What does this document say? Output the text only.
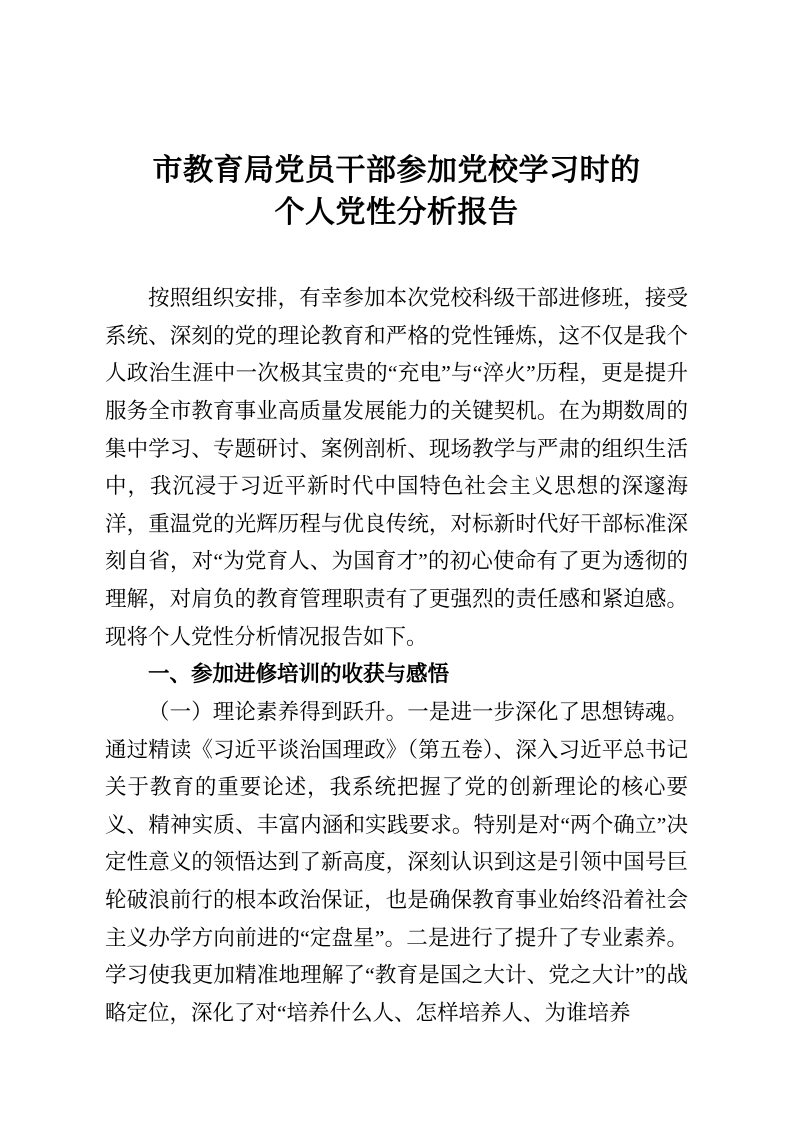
市教育局党员干部参加党校学习时的
个人党性分析报告

按照组织安排，有幸参加本次党校科级干部进修班，接受系统、深刻的党的理论教育和严格的党性锤炼，这不仅是我个人政治生涯中一次极其宝贵的“充电”与“淬火”历程，更是提升服务全市教育事业高质量发展能力的关键契机。在为期数周的集中学习、专题研讨、案例剖析、现场教学与严肃的组织生活中，我沉浸于习近平新时代中国特色社会主义思想的深邃海洋，重温党的光辉历程与优良传统，对标新时代好干部标准深刻自省，对“为党育人、为国育才”的初心使命有了更为透彻的理解，对肩负的教育管理职责有了更强烈的责任感和紧迫感。现将个人党性分析情况报告如下。

一、参加进修培训的收获与感悟

（一）理论素养得到跃升。一是进一步深化了思想铸魂。通过精读《习近平谈治国理政》（第五卷）、深入习近平总书记关于教育的重要论述，我系统把握了党的创新理论的核心要义、精神实质、丰富内涵和实践要求。特别是对“两个确立”决定性意义的领悟达到了新高度，深刻认识到这是引领中国号巨轮破浪前行的根本政治保证，也是确保教育事业始终沿着社会主义办学方向前进的“定盘星”。二是进行了提升了专业素养。学习使我更加精准地理解了“教育是国之大计、党之大计”的战略定位，深化了对“培养什么人、怎样培养人、为谁培养
